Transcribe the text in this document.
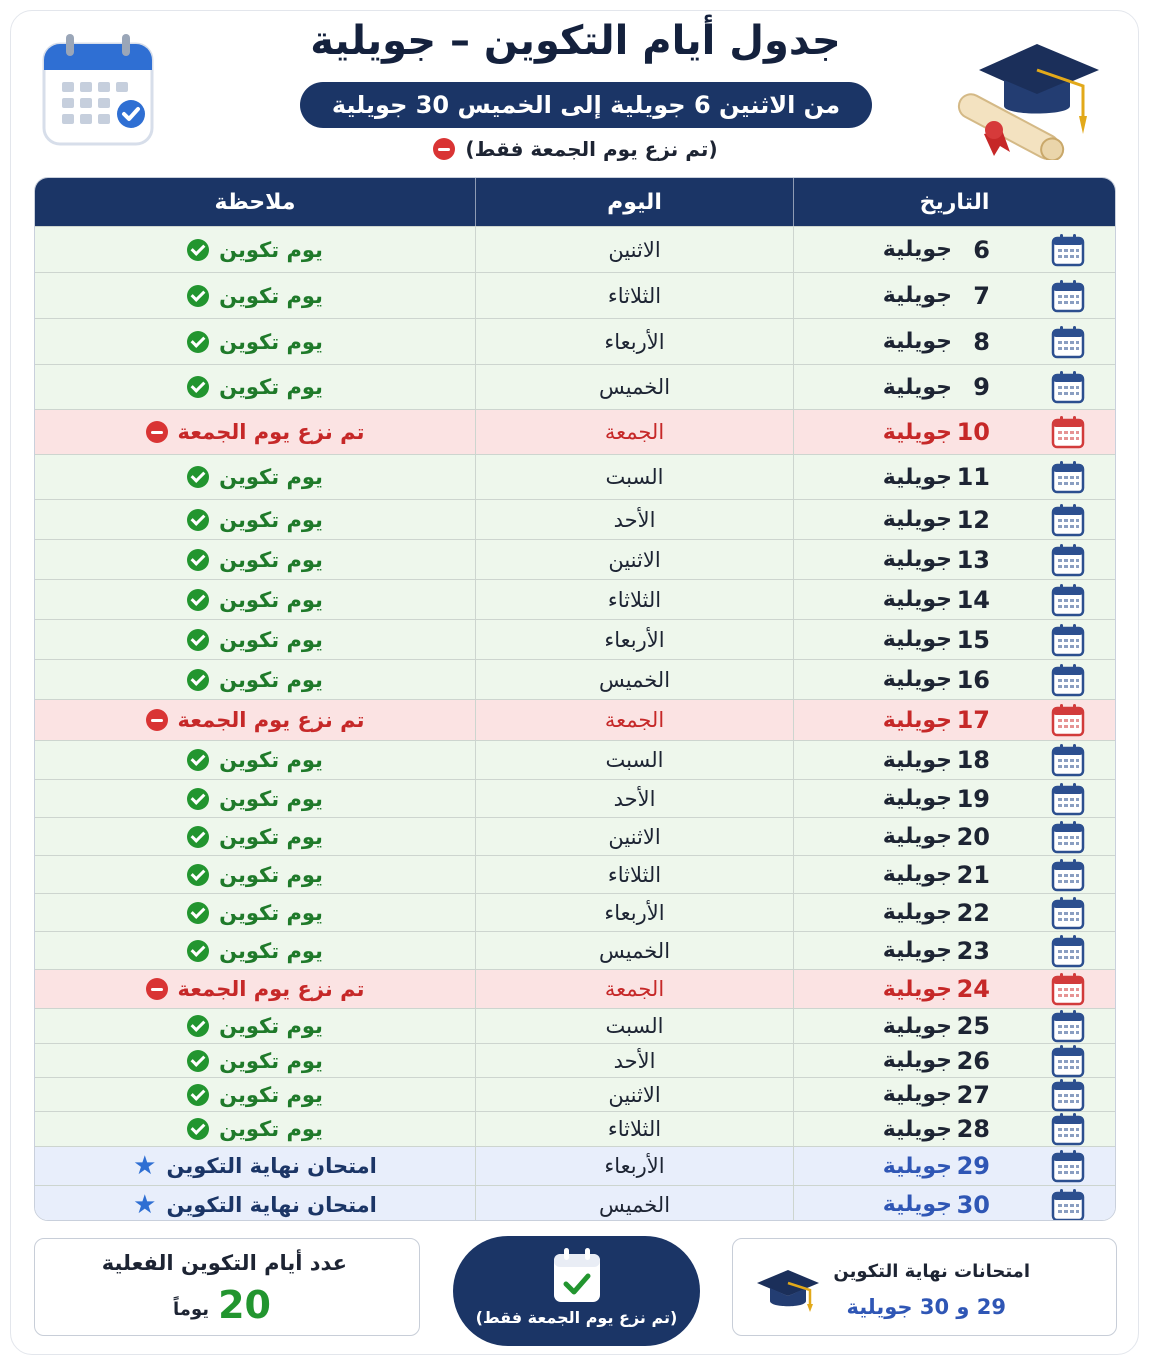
جدول أيام التكوين – جويلية
من الاثنين 6 جويلية إلى الخميس 30 جويلية
(تم نزع يوم الجمعة فقط)
التاريخ
اليوم
ملاحظة
6
جويلية
الاثنين
يوم تكوين
7
جويلية
الثلاثاء
يوم تكوين
8
جويلية
الأربعاء
يوم تكوين
9
جويلية
الخميس
يوم تكوين
10
جويلية
الجمعة
تم نزع يوم الجمعة
11
جويلية
السبت
يوم تكوين
12
جويلية
الأحد
يوم تكوين
13
جويلية
الاثنين
يوم تكوين
14
جويلية
الثلاثاء
يوم تكوين
15
جويلية
الأربعاء
يوم تكوين
16
جويلية
الخميس
يوم تكوين
17
جويلية
الجمعة
تم نزع يوم الجمعة
18
جويلية
السبت
يوم تكوين
19
جويلية
الأحد
يوم تكوين
20
جويلية
الاثنين
يوم تكوين
21
جويلية
الثلاثاء
يوم تكوين
22
جويلية
الأربعاء
يوم تكوين
23
جويلية
الخميس
يوم تكوين
24
جويلية
الجمعة
تم نزع يوم الجمعة
25
جويلية
السبت
يوم تكوين
26
جويلية
الأحد
يوم تكوين
27
جويلية
الاثنين
يوم تكوين
28
جويلية
الثلاثاء
يوم تكوين
29
جويلية
الأربعاء
امتحان نهاية التكوين
★
30
جويلية
الخميس
امتحان نهاية التكوين
★
عدد أيام التكوين الفعلية
20
يوماً	(تم نزع يوم الجمعة فقط)
امتحانات نهاية التكوين
29 و 30 جويلية
